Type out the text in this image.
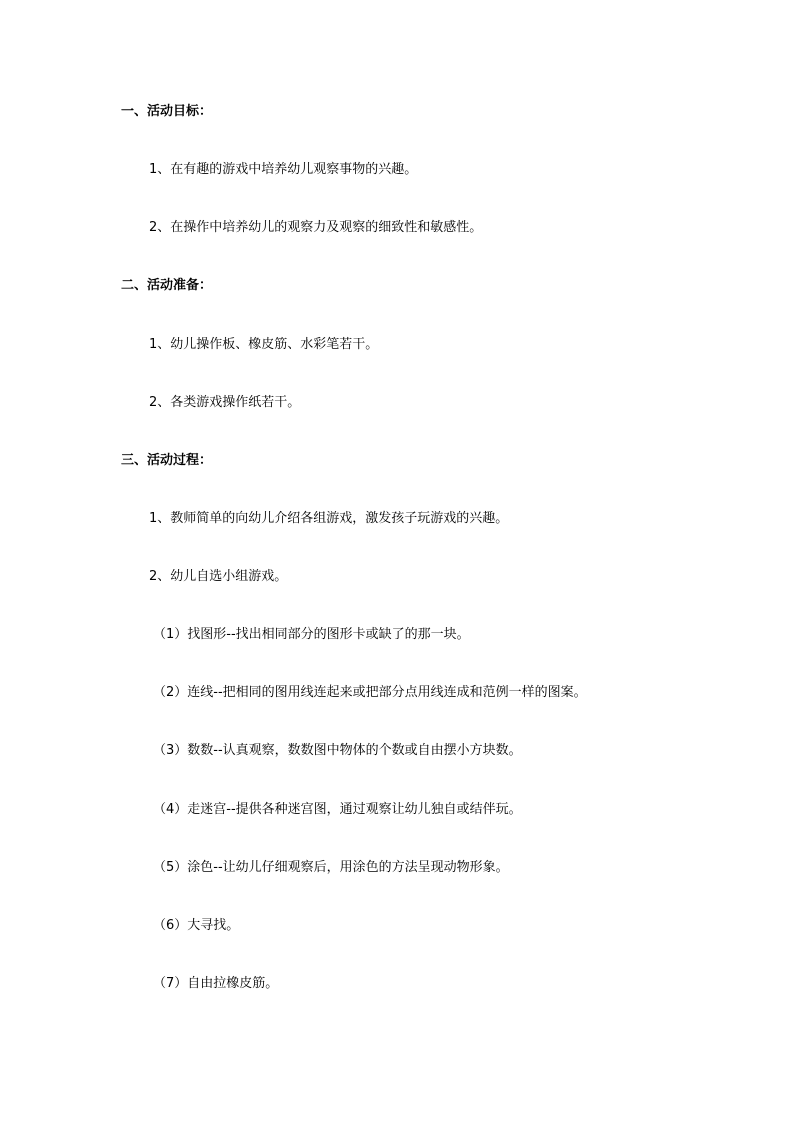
一、活动目标：
1、在有趣的游戏中培养幼儿观察事物的兴趣。
2、在操作中培养幼儿的观察力及观察的细致性和敏感性。
二、活动准备：
1、幼儿操作板、橡皮筋、水彩笔若干。
2、各类游戏操作纸若干。
三、活动过程：
1、教师简单的向幼儿介绍各组游戏，激发孩子玩游戏的兴趣。
2、幼儿自选小组游戏。
（1）找图形--找出相同部分的图形卡或缺了的那一块。
（2）连线--把相同的图用线连起来或把部分点用线连成和范例一样的图案。
（3）数数--认真观察，数数图中物体的个数或自由摆小方块数。
（4）走迷宫--提供各种迷宫图，通过观察让幼儿独自或结伴玩。
（5）涂色--让幼儿仔细观察后，用涂色的方法呈现动物形象。
（6）大寻找。
（7）自由拉橡皮筋。
